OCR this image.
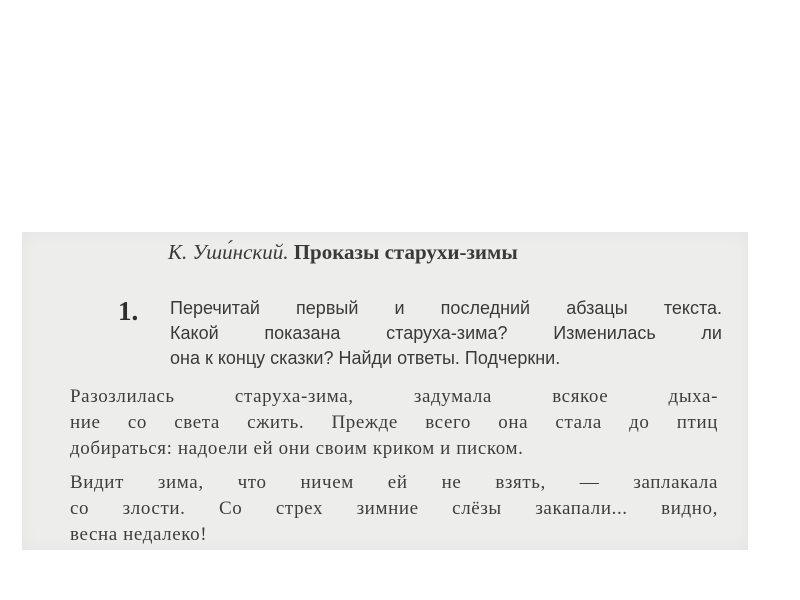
К. Уши́нский. Проказы старухи-зимы
1. Перечитай первый и последний абзацы текста.
Какой показана старуха-зима? Изменилась ли
она к концу сказки? Найди ответы. Подчеркни.
Разозлилась старуха-зима, задумала всякое дыха-
ние со света сжить. Прежде всего она стала до птиц
добираться: надоели ей они своим криком и писком.
Видит зима, что ничем ей не взять, — заплакала
со злости. Со стрех зимние слёзы закапали... видно,
весна недалеко!
